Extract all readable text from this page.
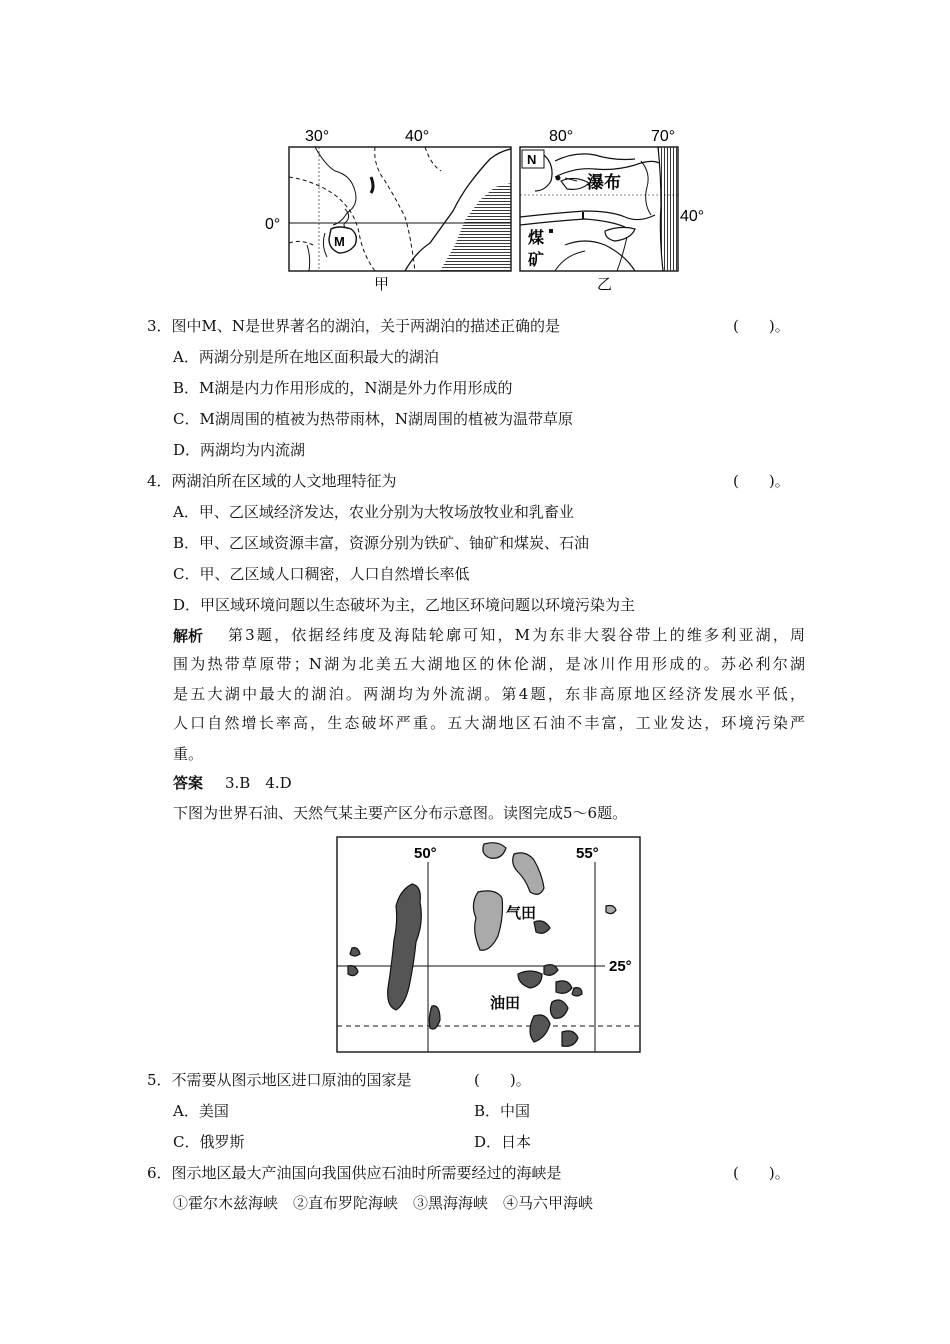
30°	40°
0°
M
甲
80°	70°
40°
N
瀑布
煤
矿
乙
3．图中M、N是世界著名的湖泊，关于两湖泊的描述正确的是	(　　)。
A．两湖分别是所在地区面积最大的湖泊
B．M湖是内力作用形成的，N湖是外力作用形成的
C．M湖周围的植被为热带雨林，N湖周围的植被为温带草原
D．两湖均为内流湖
4．两湖泊所在区域的人文地理特征为	(　　)。
A．甲、乙区域经济发达，农业分别为大牧场放牧业和乳畜业
B．甲、乙区域资源丰富，资源分别为铁矿、铀矿和煤炭、石油
C．甲、乙区域人口稠密，人口自然增长率低
D．甲区域环境问题以生态破坏为主，乙地区环境问题以环境污染为主
解析 第3题，依据经纬度及海陆轮廓可知，M为东非大裂谷带上的维多利亚湖，周
围为热带草原带；N湖为北美五大湖地区的休伦湖，是冰川作用形成的。苏必利尔湖
是五大湖中最大的湖泊。两湖均为外流湖。第4题，东非高原地区经济发展水平低，
人口自然增长率高，生态破坏严重。五大湖地区石油不丰富，工业发达，环境污染严
重。
答案 3.B　4.D
下图为世界石油、天然气某主要产区分布示意图。读图完成5～6题。
50°	55°
25°
气田
油田
5．不需要从图示地区进口原油的国家是	(　　)。
A．美国	B．中国
C．俄罗斯	D．日本
6．图示地区最大产油国向我国供应石油时所需要经过的海峡是	(　　)。
①霍尔木兹海峡　②直布罗陀海峡　③黑海海峡　④马六甲海峡
